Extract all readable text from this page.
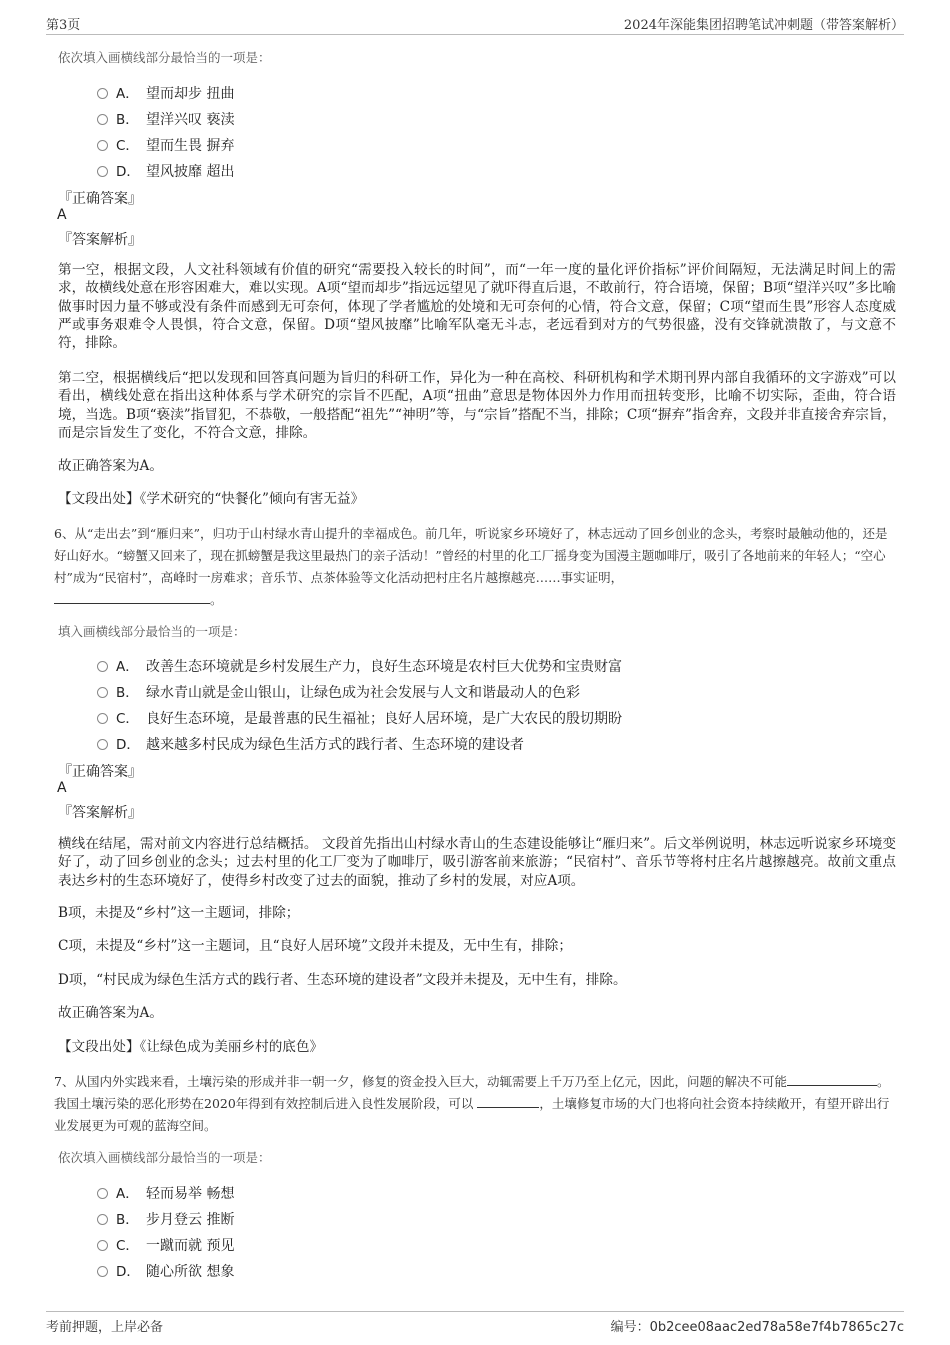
第3页	2024年深能集团招聘笔试冲刺题（带答案解析）
依次填入画横线部分最恰当的一项是：
A． 望而却步 扭曲
B． 望洋兴叹 亵渎
C． 望而生畏 摒弃
D． 望风披靡 超出
『正确答案』
A
『答案解析』
第一空，根据文段，人文社科领域有价值的研究“需要投入较长的时间”，而“一年一度的量化评价指标”评价间隔短，无法满足时间上的需求，故横线处意在形容困难大，难以实现。A项“望而却步”指远远望见了就吓得直后退，不敢前行，符合语境，保留；B项“望洋兴叹”多比喻做事时因力量不够或没有条件而感到无可奈何，体现了学者尴尬的处境和无可奈何的心情，符合文意，保留；C项“望而生畏”形容人态度威严或事务艰难令人畏惧，符合文意，保留。D项“望风披靡”比喻军队毫无斗志，老远看到对方的气势很盛，没有交锋就溃散了，与文意不符，排除。
第二空，根据横线后“把以发现和回答真问题为旨归的科研工作，异化为一种在高校、科研机构和学术期刊界内部自我循环的文字游戏”可以看出，横线处意在指出这种体系与学术研究的宗旨不匹配，A项“扭曲”意思是物体因外力作用而扭转变形，比喻不切实际，歪曲，符合语境，当选。B项“亵渎”指冒犯，不恭敬，一般搭配“祖先”“神明”等，与“宗旨”搭配不当，排除；C项“摒弃”指舍弃，文段并非直接舍弃宗旨，而是宗旨发生了变化，不符合文意，排除。
故正确答案为A。
【文段出处】《学术研究的“快餐化”倾向有害无益》
6、从“走出去”到“雁归来”，归功于山村绿水青山提升的幸福成色。前几年，听说家乡环境好了，林志远动了回乡创业的念头，考察时最触动他的，还是好山好水。“螃蟹又回来了，现在抓螃蟹是我这里最热门的亲子活动！”曾经的村里的化工厂摇身变为国漫主题咖啡厅，吸引了各地前来的年轻人；“空心村”成为“民宿村”，高峰时一房难求；音乐节、点茶体验等文化活动把村庄名片越擦越亮……事实证明，
。
填入画横线部分最恰当的一项是：
A． 改善生态环境就是乡村发展生产力，良好生态环境是农村巨大优势和宝贵财富
B． 绿水青山就是金山银山，让绿色成为社会发展与人文和谐最动人的色彩
C． 良好生态环境，是最普惠的民生福祉；良好人居环境，是广大农民的殷切期盼
D． 越来越多村民成为绿色生活方式的践行者、生态环境的建设者
『正确答案』
A
『答案解析』
横线在结尾，需对前文内容进行总结概括。 文段首先指出山村绿水青山的生态建设能够让“雁归来”。后文举例说明，林志远听说家乡环境变好了，动了回乡创业的念头；过去村里的化工厂变为了咖啡厅，吸引游客前来旅游；“民宿村”、音乐节等将村庄名片越擦越亮。故前文重点表达乡村的生态环境好了，使得乡村改变了过去的面貌，推动了乡村的发展，对应A项。
B项，未提及“乡村”这一主题词，排除；
C项，未提及“乡村”这一主题词，且“良好人居环境”文段并未提及，无中生有，排除；
D项，“村民成为绿色生活方式的践行者、生态环境的建设者”文段并未提及，无中生有，排除。
故正确答案为A。
【文段出处】《让绿色成为美丽乡村的底色》
7、从国内外实践来看，土壤污染的形成并非一朝一夕，修复的资金投入巨大，动辄需要上千万乃至上亿元，因此，问题的解决不可能	。我国土壤污染的恶化形势在2020年得到有效控制后进入良性发展阶段，可以	，土壤修复市场的大门也将向社会资本持续敞开，有望开辟出行业发展更为可观的蓝海空间。
依次填入画横线部分最恰当的一项是：
A． 轻而易举 畅想
B． 步月登云 推断
C． 一蹴而就 预见
D． 随心所欲 想象
考前押题，上岸必备	编号：0b2cee08aac2ed78a58e7f4b7865c27c
